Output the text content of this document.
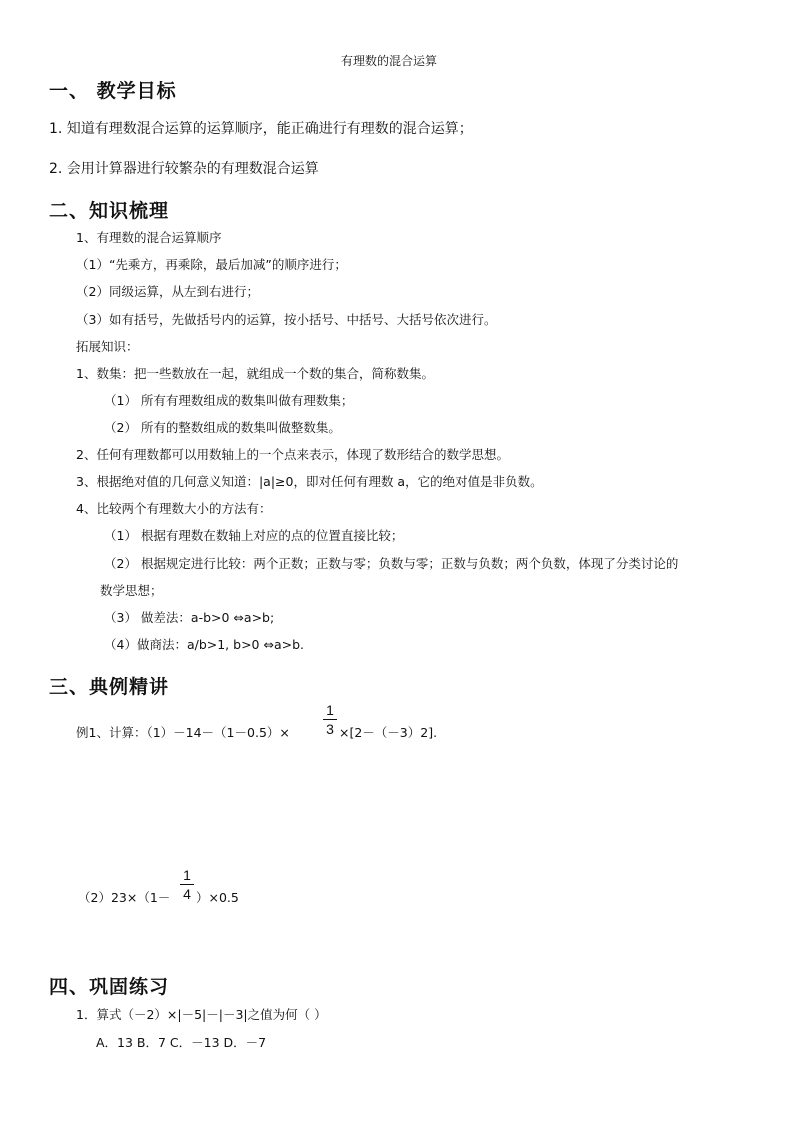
有理数的混合运算
一、 教学目标
1. 知道有理数混合运算的运算顺序，能正确进行有理数的混合运算；
2. 会用计算器进行较繁杂的有理数混合运算
二、知识梳理
1、有理数的混合运算顺序
（1）“先乘方，再乘除，最后加减”的顺序进行；
（2）同级运算，从左到右进行；
（3）如有括号，先做括号内的运算，按小括号、中括号、大括号依次进行。
拓展知识：
1、数集：把一些数放在一起，就组成一个数的集合，简称数集。
（1） 所有有理数组成的数集叫做有理数集；
（2） 所有的整数组成的数集叫做整数集。
2、任何有理数都可以用数轴上的一个点来表示，体现了数形结合的数学思想。
3、根据绝对值的几何意义知道：|a|≥0，即对任何有理数 a，它的绝对值是非负数。
4、比较两个有理数大小的方法有：
（1） 根据有理数在数轴上对应的点的位置直接比较；
（2） 根据规定进行比较：两个正数；正数与零；负数与零；正数与负数；两个负数，体现了分类讨论的
数学思想；
（3） 做差法：a-b>0 ⇔a>b;
（4）做商法：a/b>1, b>0 ⇔a>b.
三、典例精讲
例1、计算：（1）－14－（1－0.5）×
1
3 ×[2－（－3）2].
（2）23×（1－
1
4 ）×0.5
四、巩固练习
1．算式（－2）×|－5|－|－3|之值为何（ ）
A．13 B．7 C．－13 D．－7
